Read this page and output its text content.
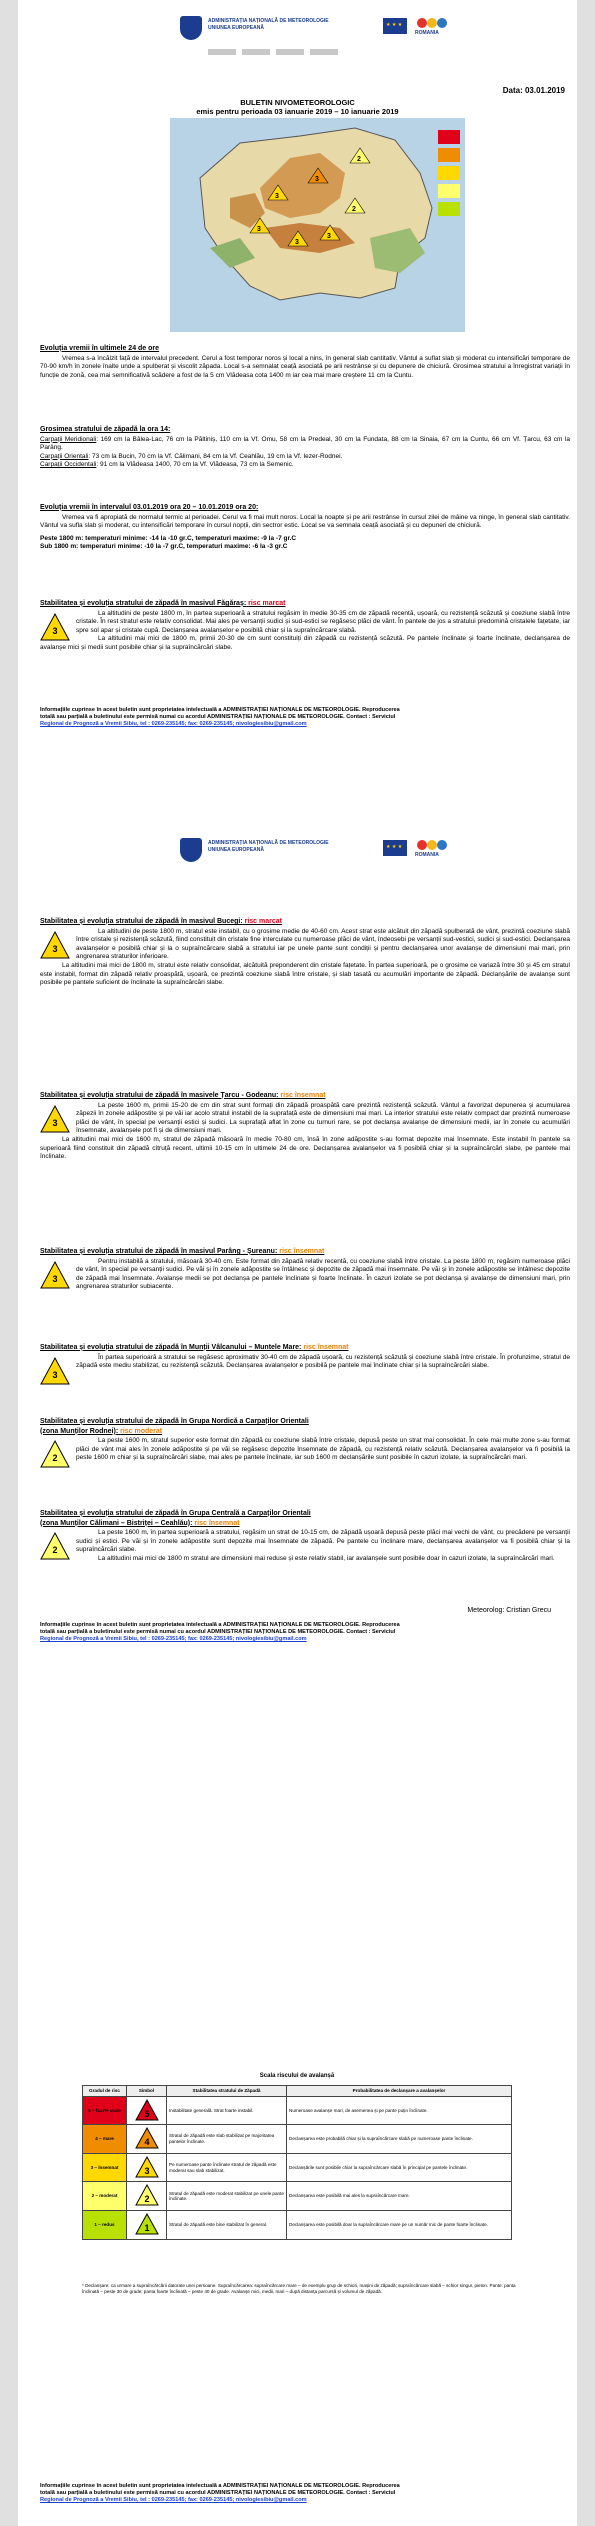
ADMINISTRAȚIA NAȚIONALĂ DE METEOROLOGIE
UNIUNEA EUROPEANĂ
★ ★ ★
ROMANIA
Data: 03.01.2019
BULETIN NIVOMETEOROLOGIC
emis pentru perioada 03 ianuarie 2019 – 10 ianuarie 2019
3
3
3
3
3
2
2
Evoluția vremii în ultimele 24 de ore

Vremea s-a încălzit față de intervalul precedent. Cerul a fost temporar noros și local a nins, în general slab cantitativ. Vântul a suflat slab și moderat cu intensificări temporare de 70-90 km/h în zonele înalte unde a spulberat și viscolit zăpada. Local s-a semnalat ceață asociată pe arii restrânse și cu depunere de chiciură. Grosimea stratului a înregistrat variații în funcție de zonă, cea mai semnificativă scădere a fost de la 5 cm Vlădeasa cota 1400 m iar cea mai mare creștere 11 cm la Cuntu.

Grosimea stratului de zăpadă la ora 14:
Carpații Meridionali: 169 cm la Bâlea-Lac, 76 cm la Păltiniș, 110 cm la Vf. Omu, 58 cm la Predeal, 30 cm la Fundata, 88 cm la Sinaia, 67 cm la Cuntu, 66 cm Vf. Țarcu, 63 cm la Parâng.
Carpații Orientali: 73 cm la Bucin, 70 cm la Vf. Călimani, 84 cm la Vf. Ceahlău, 19 cm la Vf. Iezer-Rodnei.
Carpații Occidentali: 91 cm la Vlădeasa 1400, 70 cm la Vf. Vlădeasa, 73 cm la Semenic.
Evoluția vremii în intervalul 03.01.2019 ora 20 – 10.01.2019 ora 20:

Vremea va fi apropiată de normalul termic al perioadei. Cerul va fi mai mult noros. Local la noapte și pe arii restrânse în cursul zilei de mâine va ninge, în general slab cantitativ. Vântul va sufla slab și moderat, cu intensificări temporare în cursul nopții, din sectror estic. Local se va semnala ceață asociată și cu depuneri de chiciură.

Peste 1800 m: temperaturi minime: -14 la -10 gr.C, temperaturi maxime: -9 la -7 gr.C
Sub 1800 m: temperaturi minime: -10 la -7 gr.C, temperaturi maxime: -6 la -3 gr.C
Stabilitatea și evoluția stratului de zăpadă în masivul Făgăraș: risc marcat
3

La altitudini de peste 1800 m, în partea superioară a stratului regăsim în medie 30-35 cm de zăpadă recentă, ușoară, cu rezistență scăzută și coeziune slabă între cristale. În rest stratul este relativ consolidat. Mai ales pe versanții sudici și sud-estici se regăsesc plăci de vânt. În pantele de jos a stratului predomină cristalele fațetate, iar spre sol apar și cristale cupă. Declanșarea avalanșelor e posibilă chiar și la supraîncărcare slabă.

La altitudini mai mici de 1800 m, primii 20-30 de cm sunt constituiți din zăpadă cu rezistență scăzută. Pe pantele înclinate și foarte înclinate, declanșarea de avalanșe mici și medii sunt posibile chiar și la supraîncărcări slabe.

Informațiile cuprinse în acest buletin sunt proprietatea intelectuală a ADMINISTRAȚIEI NAȚIONALE DE METEOROLOGIE. Reproducerea
totală sau parțială a buletinului este permisă numai cu acordul ADMINISTRAȚIEI NAȚIONALE DE METEOROLOGIE. Contact : Serviciul
Regional de Prognoză a Vremii Sibiu, tel : 0269-235145; fax: 0269-235145; nivologiesibiu@gmail.com
ADMINISTRAȚIA NAȚIONALĂ DE METEOROLOGIE
UNIUNEA EUROPEANĂ
★ ★ ★
ROMANIA
Stabilitatea și evoluția stratului de zăpadă în masivul Bucegi: risc marcat
3

La altitudini de peste 1800 m, stratul este instabil, cu o grosime medie de 40-60 cm. Acest strat este alcătuit din zăpadă spulberată de vânt, prezintă coeziune slabă între cristale și rezistență scăzută, fiind constituit din cristale fine interculate cu numeroase plăci de vânt, îndeosebi pe versanții sud-vestici, sudici și sud-estici. Declanșarea avalanșelor e posibilă chiar și la o supraîncărcare slabă a stratului iar pe unele pante sunt condiții și pentru declanșarea unor avalanșe de dimensiuni mai mari, prin angrenarea straturilor inferioare.

La altitudini mai mici de 1800 m, stratul este relativ consolidat, alcătuită preponderent din cristale fațetate. În partea superioară, pe o grosime ce variază între 30 și 45 cm stratul este instabil, format din zăpadă relativ proaspătă, ușoară, ce prezintă coeziune slabă între cristale, și slab tasată cu acumulări importante de zăpadă. Declanșările de avalanșe sunt posibile pe pantele suficient de înclinate la supraîncărcări slabe.

Stabilitatea și evoluția stratului de zăpadă în masivele Țarcu - Godeanu: risc însemnat
3

La peste 1600 m, primii 15-20 de cm din strat sunt formați din zăpadă proaspătă care prezintă rezistență scăzută. Vântul a favorizat depunerea și acumularea zăpezii în zonele adăpostite și pe văi iar acolo stratul instabil de la suprafață este de dimensiuni mai mari. La interior stratului este relativ compact dar prezintă numeroase plăci de vânt, în special pe versanții estici și sudici. La suprafață aflat în zone cu turnuri rare, se pot declanșa avalanșe de dimensiuni medii, iar în zonele cu acumulări însemnate, avalanșele pot fi și de dimensiuni mari.

La altitudini mai mici de 1600 m, stratul de zăpadă măsoară în medie 70-80 cm, însă în zone adăpostite s-au format depozite mai însemnate. Este instabil în pantele sa superioară fiind constituit din zăpadă cîtruță recent, ultimii 10-15 cm în ultimele 24 de ore. Declanșarea avalanșelor va fi posibilă chiar și la supraîncărcări slabe, pe pantele mai înclinate.

Stabilitatea și evoluția stratului de zăpadă în masivul Parâng - Șureanu: risc însemnat
3

Pentru instabilă a stratului, măsoară 30-40 cm. Este format din zăpadă relativ recentă, cu coeziune slabă între cristale. La peste 1800 m, regăsim numeroase plăci de vânt, în special pe versanții sudici. Pe văi și în zonele adăpostite se întâlnesc și depozite de zăpadă mai însemnate. Pe văi și în zonele adăpostite se întâlnesc depozite de zăpadă mai însemnate. Avalanșe medii se pot declanșa pe pantele înclinate și foarte înclinate. În cazuri izolate se pot declanșa și avalanșe de dimensiuni mari, prin angrenarea straturilor subiacente.

Stabilitatea și evoluția stratului de zăpadă în Munții Vâlcanului – Muntele Mare: risc însemnat
3

În partea superioară a stratului se regăsesc aproximativ 30-40 cm de zăpadă ușoară, cu rezistență scăzută și coeziune slabă între cristale. În profunzime, stratul de zăpadă este mediu stabilizat, cu rezistență scăzută. Declanșarea avalanșelor e posibilă pe pantele mai înclinate chiar și la supraîncărcări slabe.

Stabilitatea și evoluția stratului de zăpadă în Grupa Nordică a Carpaților Orientali
(zona Munților Rodnei): risc moderat
2

La peste 1600 m, stratul superior este format din zăpadă cu coeziune slabă între cristale, depusă peste un strat mai consolidat. În cele mai multe zone s-au format plăci de vânt mai ales în zonele adăpostite și pe văi se regăsesc depozite însemnate de zăpadă, cu rezistență relativ scăzută. Declanșarea avalanșelor va fi posibilă la peste 1600 m chiar și la supraîncărcări slabe, mai ales pe pantele înclinate, iar sub 1600 m declanșările sunt posibile în cazuri izolate, la supraîncărcări mari.

Stabilitatea și evoluția stratului de zăpadă în Grupa Centrală a Carpaților Orientali
(zona Munților Călimani – Bistriței – Ceahlău): risc însemnat
2

La peste 1600 m, în partea superioară a stratului, regăsim un strat de 10-15 cm, de zăpadă ușoară depusă peste plăci mai vechi de vânt, cu precădere pe versanții sudici și estici. Pe văi și în zonele adăpostite sunt depozite mai însemnate de zăpadă. Pe pantele cu înclinare mare, declanșarea avalanșelor va fi posibilă chiar și la supraîncărcări slabe.

La altitudini mai mici de 1800 m stratul are dimensiuni mai reduse și este relativ stabil, iar avalanșele sunt posibile doar în cazuri izolate, la supraîncărcări mari.

Meteorolog: Cristian Grecu
Informațiile cuprinse în acest buletin sunt proprietatea intelectuală a ADMINISTRAȚIEI NAȚIONALE DE METEOROLOGIE. Reproducerea
totală sau parțială a buletinului este permisă numai cu acordul ADMINISTRAȚIEI NAȚIONALE DE METEOROLOGIE. Contact : Serviciul
Regional de Prognoză a Vremii Sibiu, tel : 0269-235145; fax: 0269-235145; nivologiesibiu@gmail.com
Scala riscului de avalanșă
Gradul de risc	Simbol	Stabilitatea stratului de Zăpadă	Probabilitatea de declanșare a avalanșelor
5 – foarte mare	5	Instabilitate generală. Strat foarte instabil.	Numeroase avalanșe mari, de asemenea și pe pante puțin înclinate.
4 – mare	4	Stratul de zăpadă este slab stabilizat pe majoritatea pantelor înclinate.	Declanșarea este probabilă chiar și la supraîncărcare slabă pe numeroase pante înclinate.
3 – însemnat	3	Pe numeroase pante înclinate stratul de zăpadă este moderat sau slab stabilizat.	Declanșările sunt posibile chiar la supraîncărcare slabă în principal pe pantele înclinate.
2 – moderat	2	Stratul de zăpadă este moderat stabilizat pe unele pante înclinate.	Declanșarea este posibilă mai ales la supraîncărcare mare.
1 – redus	1	Stratul de zăpadă este bine stabilizat în general.	Declanșarea este posibilă doar la supraîncărcare mare pe un număr mic de pante foarte înclinate.
* Declanșare: ca urmare a supraîncărcării datorate unei persoane. Supraîncărcarea: supraîncărcare mare – de exemplu grup de schiori, mașini de zăpadă; supraîncărcare slabă – schior singur, pieton. Pante: panta înclinată – peste 30 de grade; panta foarte înclinată – peste 40 de grade. Avalanșe mici, medii, mari – după distanța parcursă și volumul de zăpadă.
Informațiile cuprinse în acest buletin sunt proprietatea intelectuală a ADMINISTRAȚIEI NAȚIONALE DE METEOROLOGIE. Reproducerea
totală sau parțială a buletinului este permisă numai cu acordul ADMINISTRAȚIEI NAȚIONALE DE METEOROLOGIE. Contact : Serviciul
Regional de Prognoză a Vremii Sibiu, tel : 0269-235145; fax: 0269-235145; nivologiesibiu@gmail.com
